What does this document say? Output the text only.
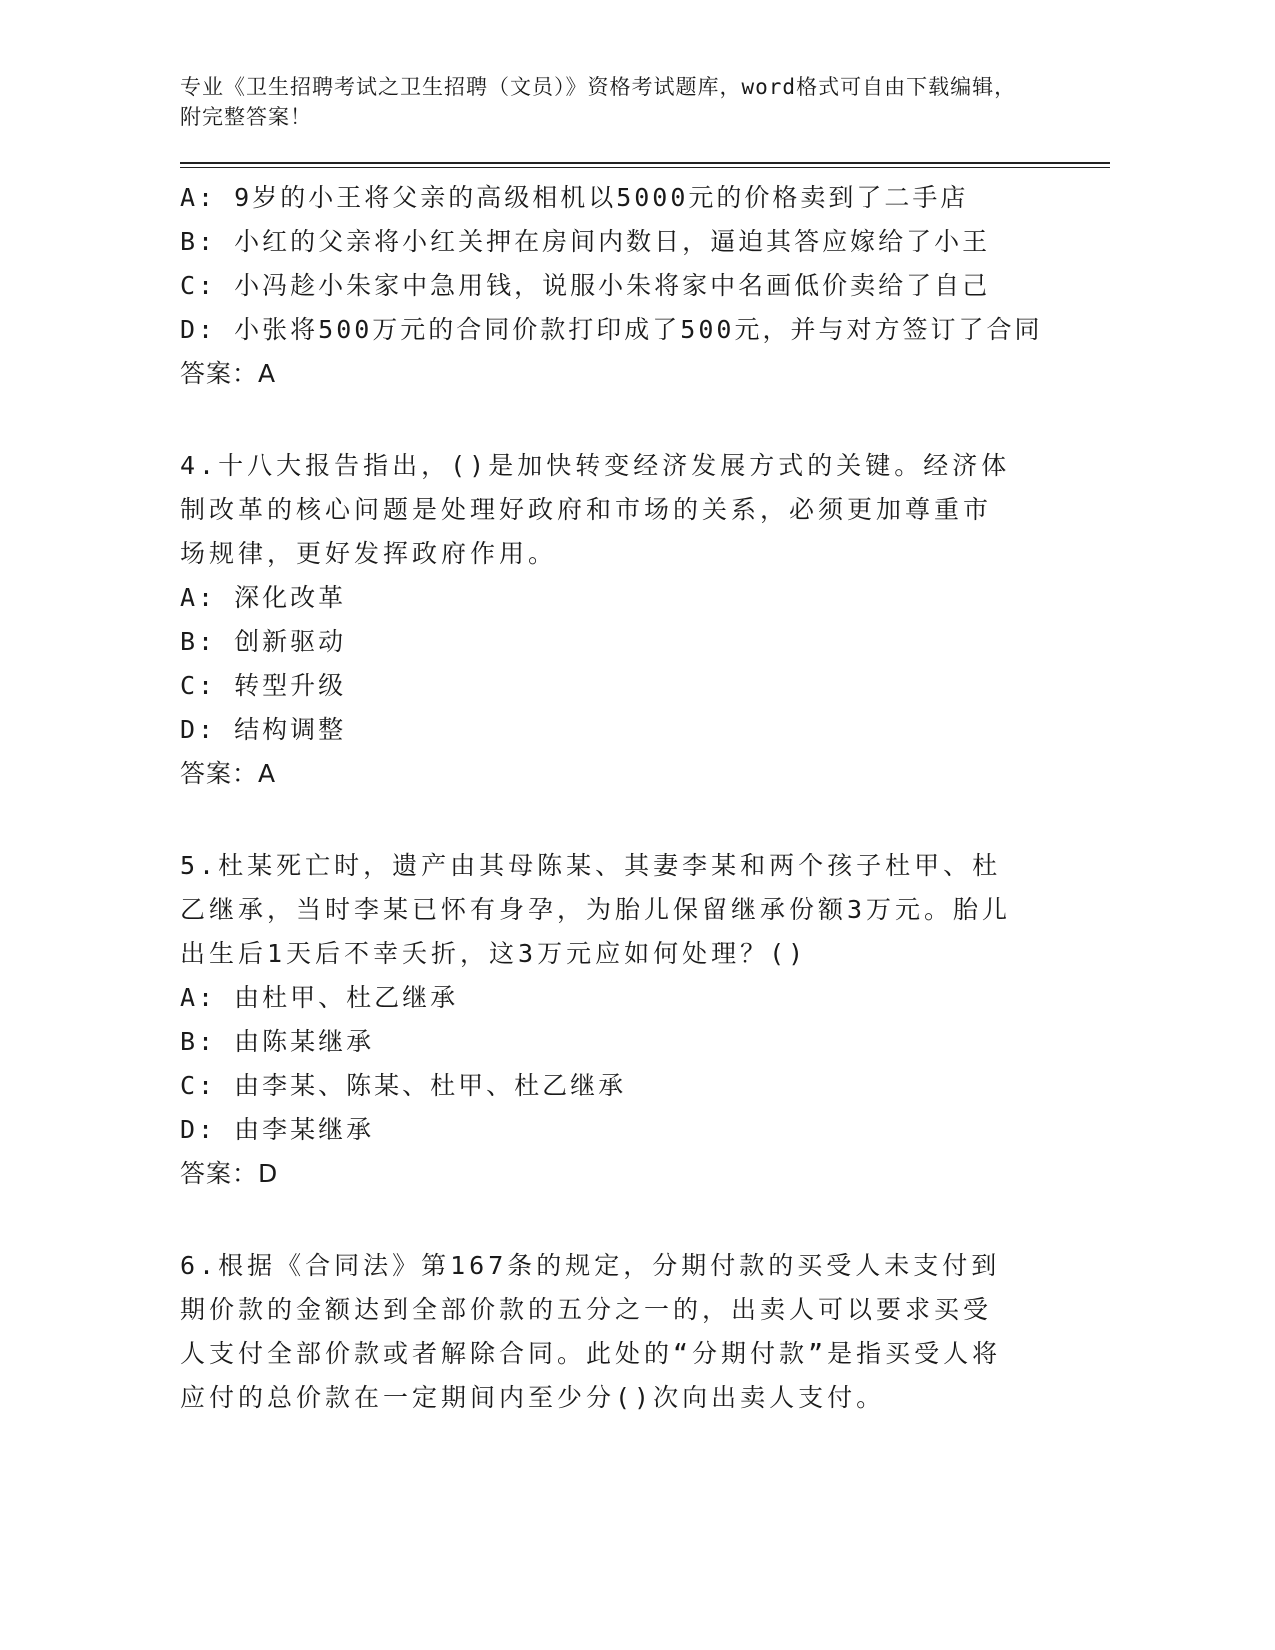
专业《卫生招聘考试之卫生招聘（文员）》资格考试题库，word格式可自由下载编辑，附完整答案！
A: 9岁的小王将父亲的高级相机以5000元的价格卖到了二手店
B: 小红的父亲将小红关押在房间内数日，逼迫其答应嫁给了小王
C: 小冯趁小朱家中急用钱，说服小朱将家中名画低价卖给了自己
D: 小张将500万元的合同价款打印成了500元，并与对方签订了合同
答案：A
4.十八大报告指出，()是加快转变经济发展方式的关键。经济体制改革的核心问题是处理好政府和市场的关系，必须更加尊重市场规律，更好发挥政府作用。
A: 深化改革
B: 创新驱动
C: 转型升级
D: 结构调整
答案：A
5.杜某死亡时，遗产由其母陈某、其妻李某和两个孩子杜甲、杜乙继承，当时李某已怀有身孕，为胎儿保留继承份额3万元。胎儿出生后1天后不幸夭折，这3万元应如何处理？()
A: 由杜甲、杜乙继承
B: 由陈某继承
C: 由李某、陈某、杜甲、杜乙继承
D: 由李某继承
答案：D
6.根据《合同法》第167条的规定，分期付款的买受人未支付到期价款的金额达到全部价款的五分之一的，出卖人可以要求买受人支付全部价款或者解除合同。此处的“分期付款”是指买受人将应付的总价款在一定期间内至少分()次向出卖人支付。
